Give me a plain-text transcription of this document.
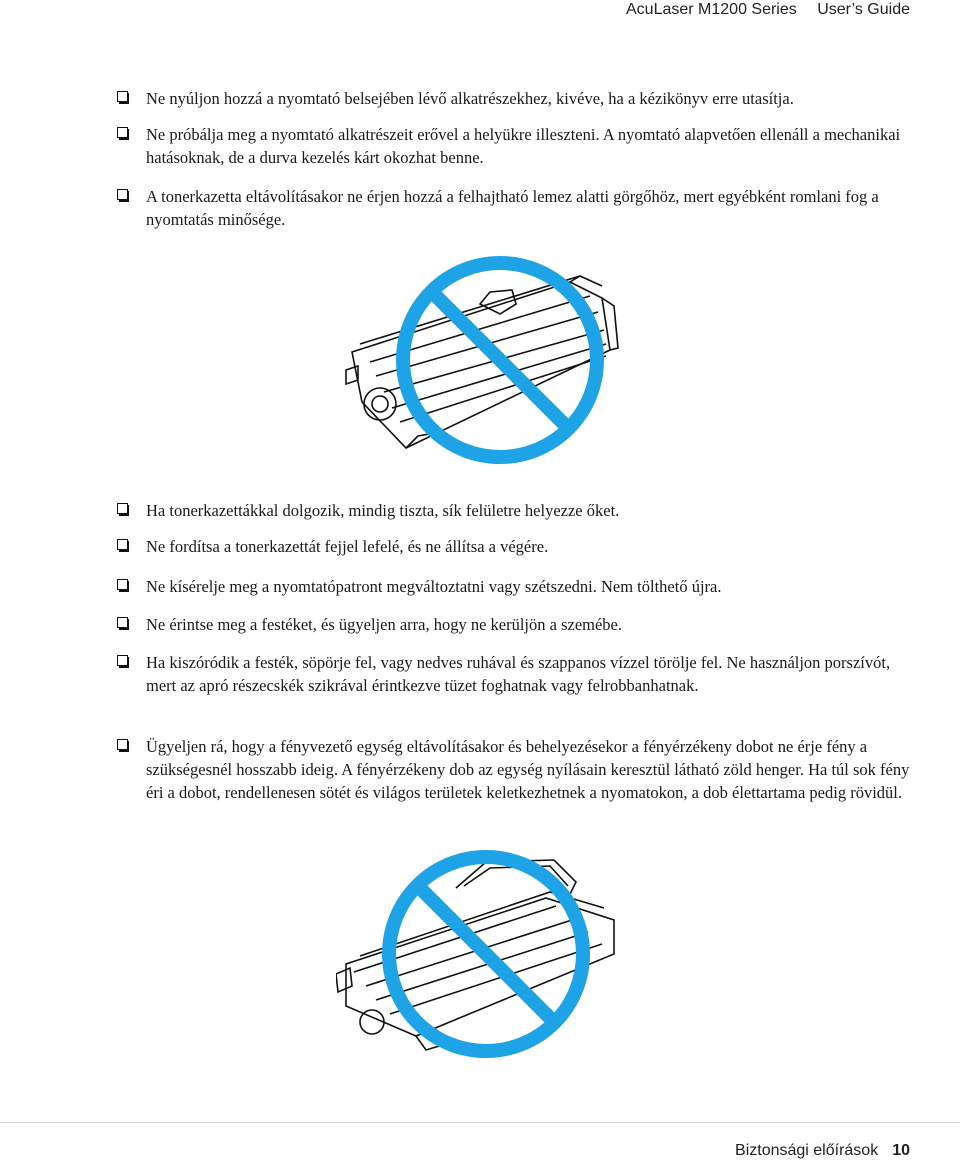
AcuLaser M1200 Series User’s Guide
Ne nyúljon hozzá a nyomtató belsejében lévő alkatrészekhez, kivéve, ha a kézikönyv erre utasítja.
Ne próbálja meg a nyomtató alkatrészeit erővel a helyükre illeszteni. A nyomtató alapvetően ellenáll a mechanikai hatásoknak, de a durva kezelés kárt okozhat benne.
A tonerkazetta eltávolításakor ne érjen hozzá a felhajtható lemez alatti görgőhöz, mert egyébként romlani fog a nyomtatás minősége.
Ha tonerkazettákkal dolgozik, mindig tiszta, sík felületre helyezze őket.
Ne fordítsa a tonerkazettát fejjel lefelé, és ne állítsa a végére.
Ne kísérelje meg a nyomtatópatront megváltoztatni vagy szétszedni. Nem tölthető újra.
Ne érintse meg a festéket, és ügyeljen arra, hogy ne kerüljön a szemébe.
Ha kiszóródik a festék, söpörje fel, vagy nedves ruhával és szappanos vízzel törölje fel. Ne használjon porszívót, mert az apró részecskék szikrával érintkezve tüzet foghatnak vagy felrobbanhatnak.
Ügyeljen rá, hogy a fényvezető egység eltávolításakor és behelyezésekor a fényérzékeny dobot ne érje fény a szükségesnél hosszabb ideig. A fényérzékeny dob az egység nyílásain keresztül látható zöld henger. Ha túl sok fény éri a dobot, rendellenesen sötét és világos területek keletkezhetnek a nyomatokon, a dob élettartama pedig rövidül.
Biztonsági előírások 10
